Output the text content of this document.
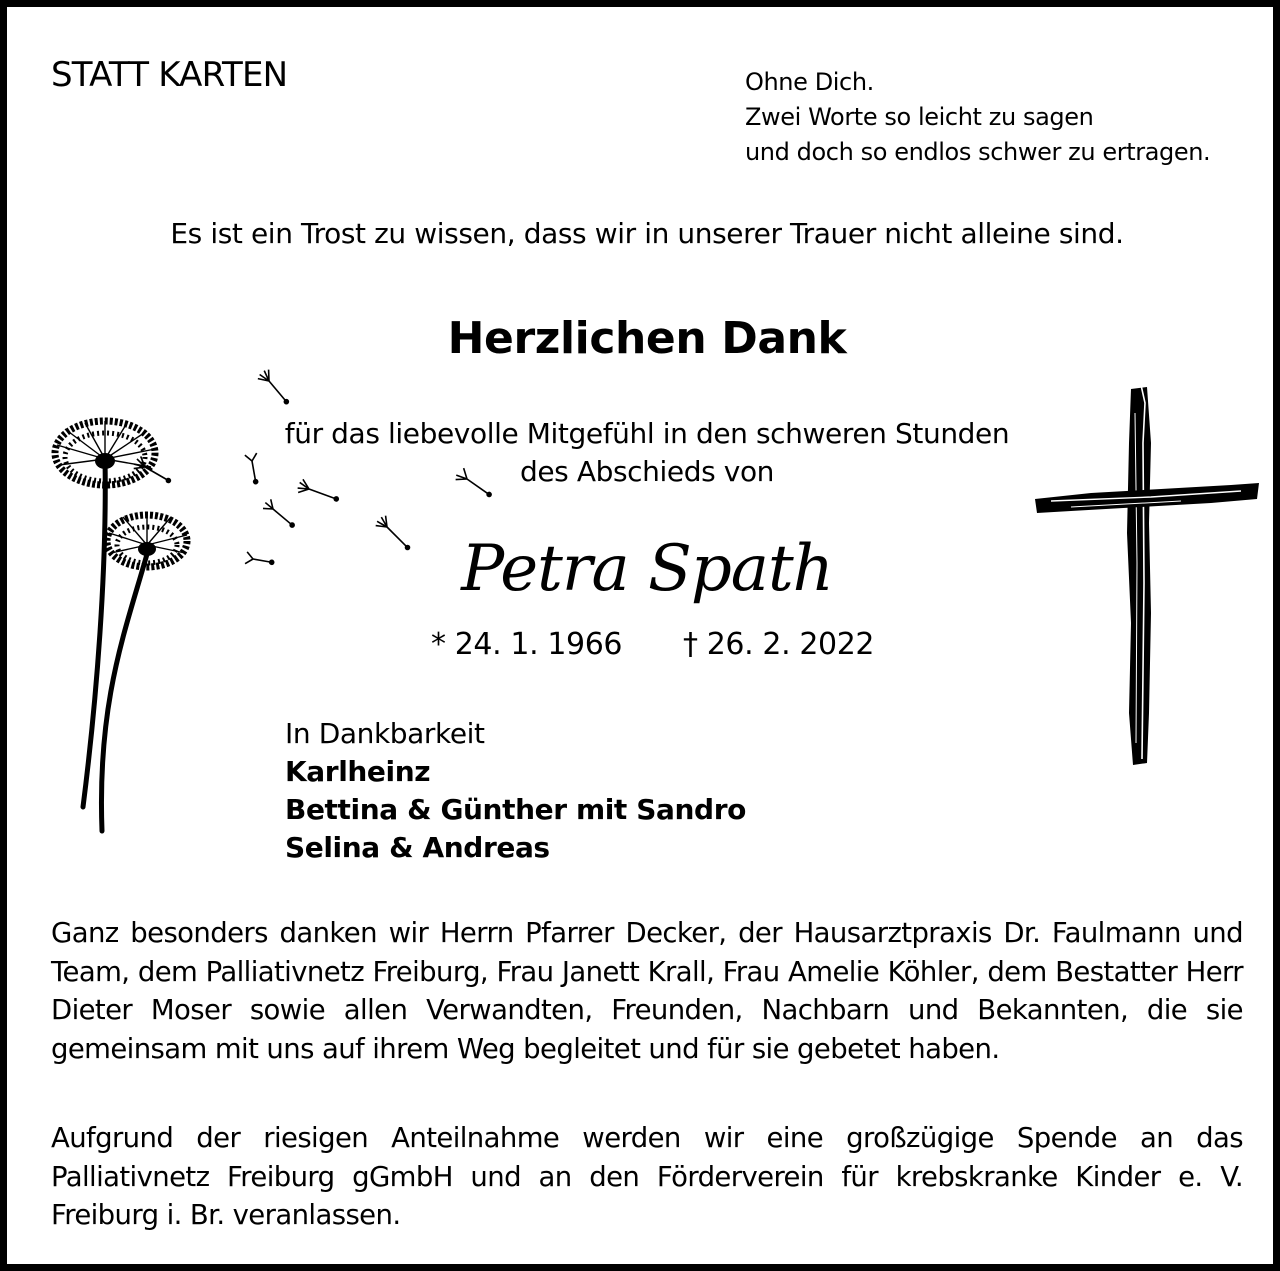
STATT KARTEN	Ohne Dich.
Zwei Worte so leicht zu sagen
und doch so endlos schwer zu ertragen.
Es ist ein Trost zu wissen, dass wir in unserer Trauer nicht alleine sind.
Herzlichen Dank
für das liebevolle Mitgefühl in den schweren Stunden
des Abschieds von
Petra Spath
* 24. 1. 1966 † 26. 2. 2022
In Dankbarkeit
Karlheinz
Bettina & Günther mit Sandro
Selina & Andreas
Ganz besonders danken wir Herrn Pfarrer Decker, der Hausarztpraxis Dr. Faulmann und Team, dem Palliativnetz Freiburg, Frau Janett Krall, Frau Amelie Köhler, dem Bestatter Herr Dieter Moser sowie allen Verwandten, Freunden, Nachbarn und Bekannten, die sie gemeinsam mit uns auf ihrem Weg begleitet und für sie gebetet haben.
Aufgrund der riesigen Anteilnahme werden wir eine großzügige Spende an das Palliativnetz Freiburg gGmbH und an den Förderverein für krebskranke Kinder e. V. Freiburg i. Br. veranlassen.
